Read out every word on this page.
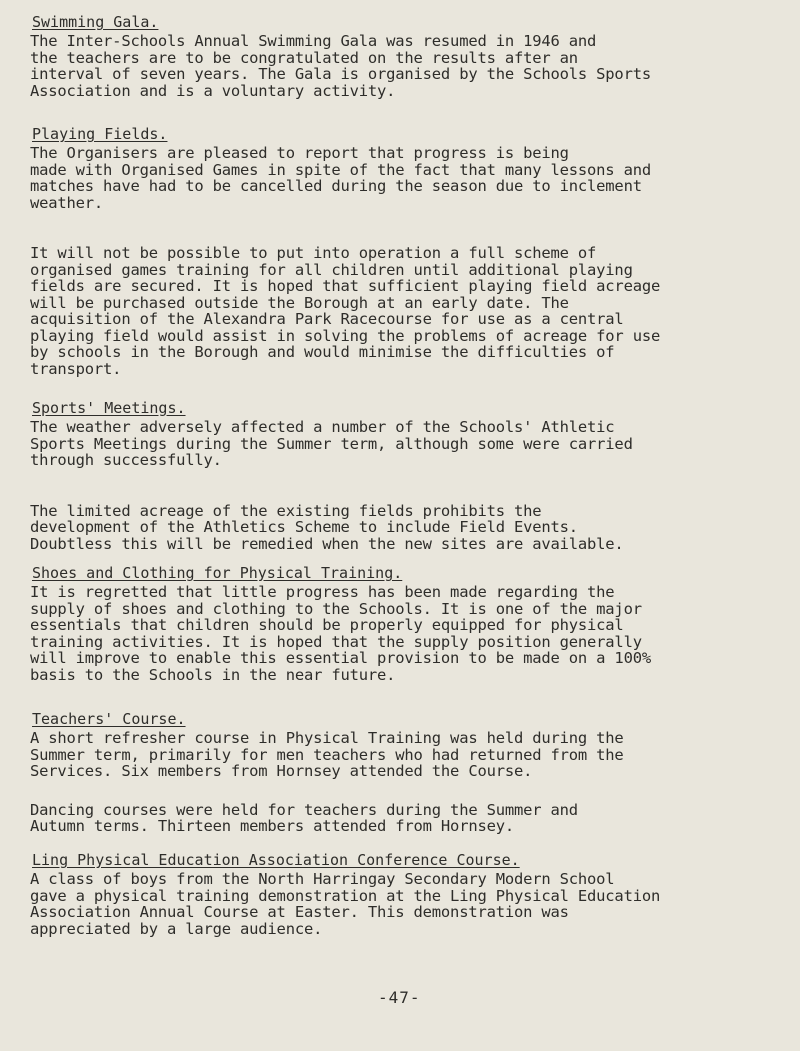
Swimming Gala.

The Inter-Schools Annual Swimming Gala was resumed in 1946 and
the teachers are to be congratulated on the results after an
interval of seven years. The Gala is organised by the Schools Sports
Association and is a voluntary activity.

Playing Fields.

The Organisers are pleased to report that progress is being
made with Organised Games in spite of the fact that many lessons and
matches have had to be cancelled during the season due to inclement
weather.

It will not be possible to put into operation a full scheme of
organised games training for all children until additional playing
fields are secured. It is hoped that sufficient playing field acreage
will be purchased outside the Borough at an early date. The
acquisition of the Alexandra Park Racecourse for use as a central
playing field would assist in solving the problems of acreage for use
by schools in the Borough and would minimise the difficulties of
transport.

Sports' Meetings.

The weather adversely affected a number of the Schools' Athletic
Sports Meetings during the Summer term, although some were carried
through successfully.

The limited acreage of the existing fields prohibits the
development of the Athletics Scheme to include Field Events.
Doubtless this will be remedied when the new sites are available.

Shoes and Clothing for Physical Training.

It is regretted that little progress has been made regarding the
supply of shoes and clothing to the Schools. It is one of the major
essentials that children should be properly equipped for physical
training activities. It is hoped that the supply position generally
will improve to enable this essential provision to be made on a 100%
basis to the Schools in the near future.

Teachers' Course.

A short refresher course in Physical Training was held during the
Summer term, primarily for men teachers who had returned from the
Services. Six members from Hornsey attended the Course.

Dancing courses were held for teachers during the Summer and
Autumn terms. Thirteen members attended from Hornsey.

Ling Physical Education Association Conference Course.

A class of boys from the North Harringay Secondary Modern School
gave a physical training demonstration at the Ling Physical Education
Association Annual Course at Easter. This demonstration was
appreciated by a large audience.

-47-
